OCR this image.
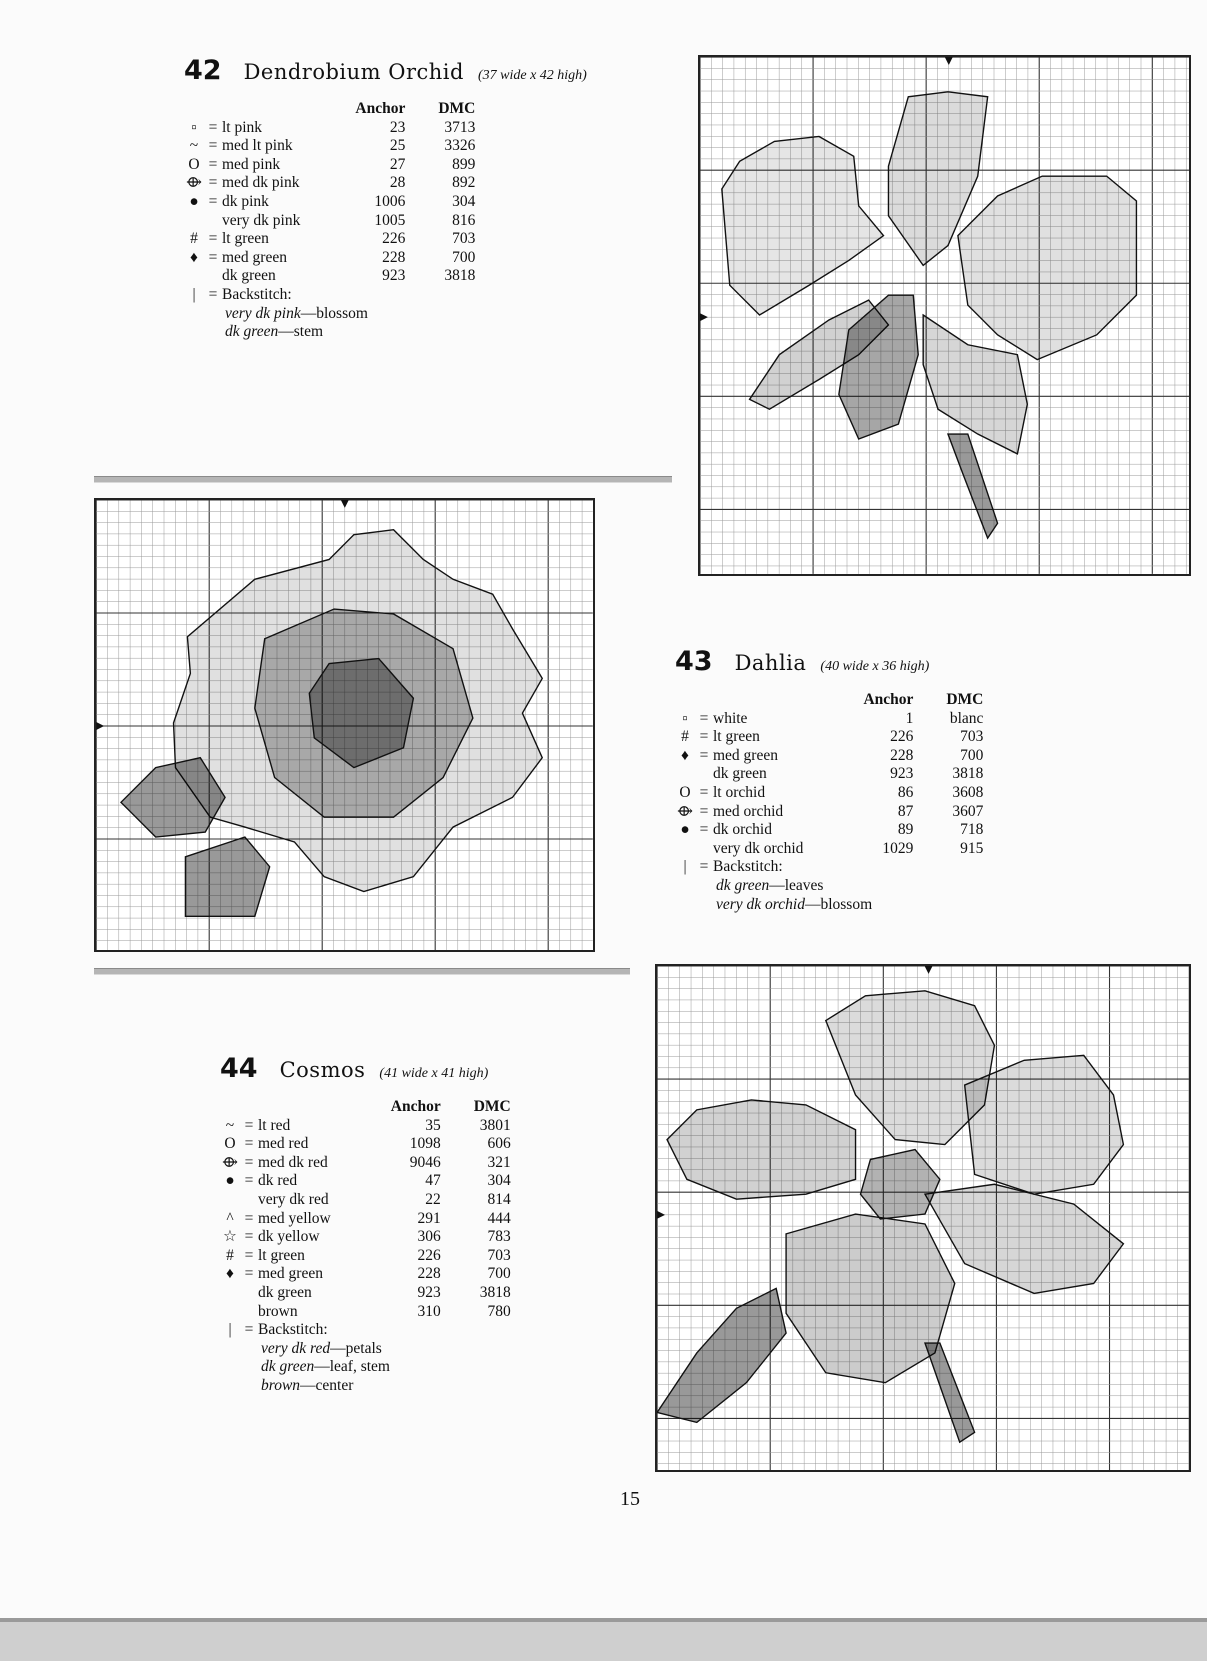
42 Dendrobium Orchid (37 wide x 42 high)
			Anchor	DMC
▫	=	lt pink	23	3713
~	=	med lt pink	25	3326
O	=	med pink	27	899
⟴	=	med dk pink	28	892
●	=	dk pink	1006	304
		very dk pink	1005	816
#	=	lt green	226	703
♦	=	med green	228	700
		dk green	923	3818
|	=	Backstitch:		
very dk pink—blossom
dk green—stem
43 Dahlia (40 wide x 36 high)
			Anchor	DMC
▫	=	white	1	blanc
#	=	lt green	226	703
♦	=	med green	228	700
		dk green	923	3818
O	=	lt orchid	86	3608
⟴	=	med orchid	87	3607
●	=	dk orchid	89	718
		very dk orchid	1029	915
|	=	Backstitch:		
dk green—leaves
very dk orchid—blossom
44 Cosmos (41 wide x 41 high)
			Anchor	DMC
~	=	lt red	35	3801
O	=	med red	1098	606
⟴	=	med dk red	9046	321
●	=	dk red	47	304
		very dk red	22	814
^	=	med yellow	291	444
☆	=	dk yellow	306	783
#	=	lt green	226	703
♦	=	med green	228	700
		dk green	923	3818
		brown	310	780
|	=	Backstitch:		
very dk red—petals
dk green—leaf, stem
brown—center
15
